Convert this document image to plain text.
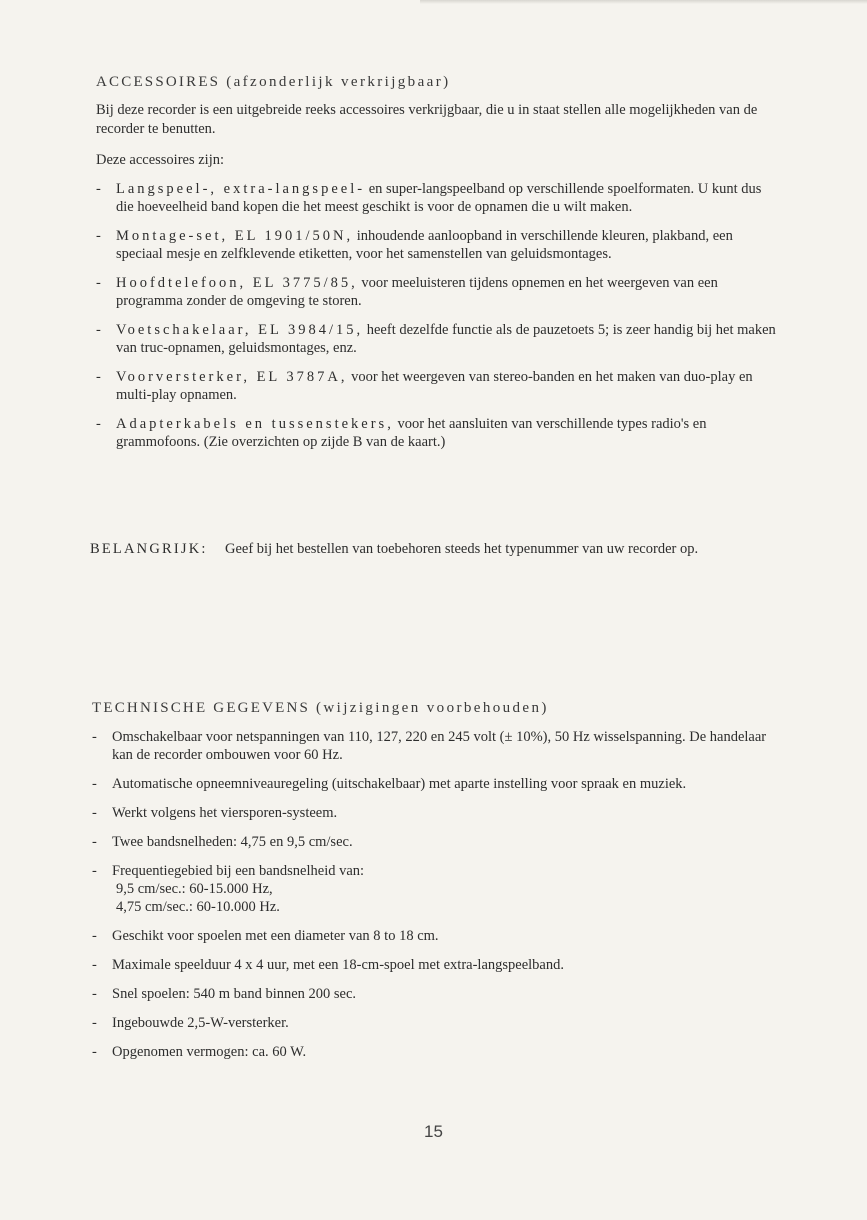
ACCESSOIRES (afzonderlijk verkrijgbaar)

Bij deze recorder is een uitgebreide reeks accessoires verkrijgbaar, die u in staat stellen alle mogelijkheden van de recorder te benutten.

Deze accessoires zijn:

- Langspeel-, extra-langspeel- en super-langspeelband op verschillende spoelformaten. U kunt dus die hoeveelheid band kopen die het meest geschikt is voor de opnamen die u wilt maken.
- Montage-set, EL 1901/50N, inhoudende aanloopband in verschillende kleuren, plakband, een speciaal mesje en zelfklevende etiketten, voor het samenstellen van geluidsmontages.
- Hoofdtelefoon, EL 3775/85, voor meeluisteren tijdens opnemen en het weergeven van een programma zonder de omgeving te storen.
- Voetschakelaar, EL 3984/15, heeft dezelfde functie als de pauzetoets 5; is zeer handig bij het maken van truc-opnamen, geluidsmontages, enz.
- Voorversterker, EL 3787A, voor het weergeven van stereo-banden en het maken van duo-play en multi-play opnamen.
- Adapterkabels en tussenstekers, voor het aansluiten van verschillende types radio's en grammofoons. (Zie overzichten op zijde B van de kaart.)
BELANGRIJK: Geef bij het bestellen van toebehoren steeds het typenummer van uw recorder op.
TECHNISCHE GEGEVENS (wijzigingen voorbehouden)
- Omschakelbaar voor netspanningen van 110, 127, 220 en 245 volt (± 10%), 50 Hz wisselspanning. De handelaar kan de recorder ombouwen voor 60 Hz.
- Automatische opneemniveauregeling (uitschakelbaar) met aparte instelling voor spraak en muziek.
- Werkt volgens het viersporen-systeem.
- Twee bandsnelheden: 4,75 en 9,5 cm/sec.
- Frequentiegebied bij een bandsnelheid van:
9,5 cm/sec.: 60-15.000 Hz,
4,75 cm/sec.: 60-10.000 Hz.
- Geschikt voor spoelen met een diameter van 8 to 18 cm.
- Maximale speelduur 4 x 4 uur, met een 18-cm-spoel met extra-langspeelband.
- Snel spoelen: 540 m band binnen 200 sec.
- Ingebouwde 2,5-W-versterker.
- Opgenomen vermogen: ca. 60 W.
15
